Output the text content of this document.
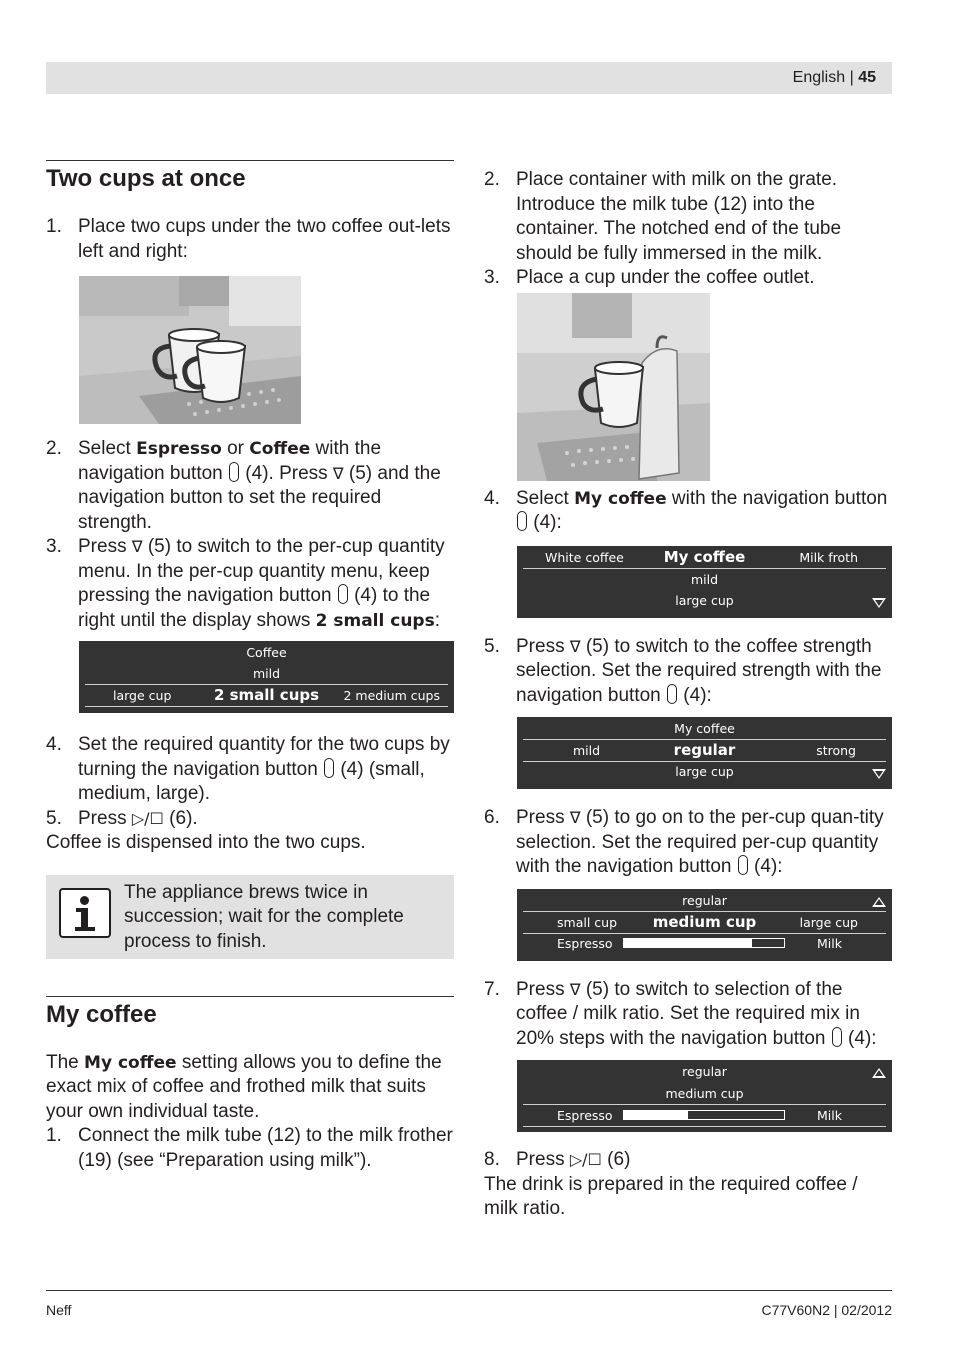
English | 45
Two cups at once
1. Place two cups under the two coffee out-lets left and right:
2. Select Espresso or Coffee with the navigation button  (4). Press ∇ (5) and the navigation button to set the required strength.
3. Press ∇ (5) to switch to the per-cup quantity menu. In the per-cup quantity menu, keep pressing the navigation button  (4) to the right until the display shows 2 small cups:
Coffee
mild
large cup	2 small cups	2 medium cups
4. Set the required quantity for the two cups by turning the navigation button  (4) (small, medium, large).
5. Press ▷/☐ (6).

Coffee is dispensed into the two cups.

The appliance brews twice in succession; wait for the complete process to finish.

My coffee

The My coffee setting allows you to define the exact mix of coffee and frothed milk that suits your own individual taste.

1. Connect the milk tube (12) to the milk frother (19) (see “Preparation using milk”).
2. Place container with milk on the grate. Introduce the milk tube (12) into the container. The notched end of the tube should be fully immersed in the milk.
3. Place a cup under the coffee outlet.
4. Select My coffee with the navigation button  (4):
White coffee	My coffee	Milk froth
mild
large cup
5. Press ∇ (5) to switch to the coffee strength selection. Set the required strength with the navigation button  (4):
My coffee
mild	regular	strong
large cup
6. Press ∇ (5) to go on to the per-cup quan-tity selection. Set the required per-cup quantity with the navigation button  (4):
regular
small cup	medium cup	large cup
Espresso	Milk
7. Press ∇ (5) to switch to selection of the coffee / milk ratio. Set the required mix in 20% steps with the navigation button  (4):
regular
medium cup
Espresso	Milk
8. Press ▷/☐ (6)

The drink is prepared in the required coffee / milk ratio.

Neff	C77V60N2 | 02/2012
